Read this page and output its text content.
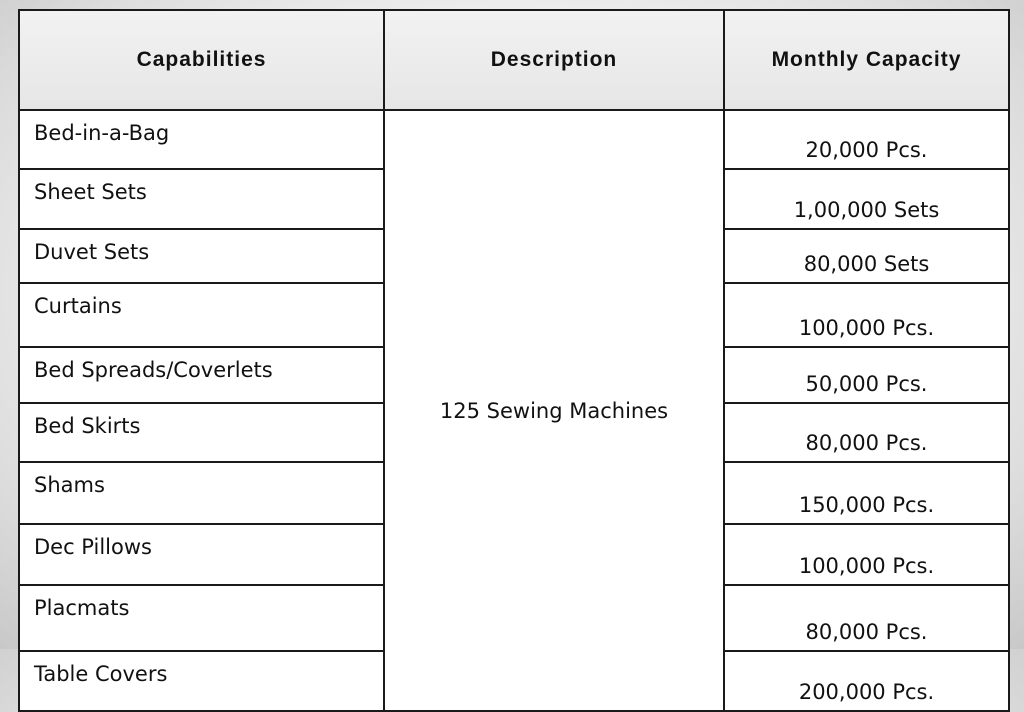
Capabilities	Description	Monthly Capacity
Bed-in-a-Bag	125 Sewing Machines	20,000 Pcs.
Sheet Sets		1,00,000 Sets
Duvet Sets		80,000 Sets
Curtains		100,000 Pcs.
Bed Spreads/Coverlets		50,000 Pcs.
Bed Skirts		80,000 Pcs.
Shams		150,000 Pcs.
Dec Pillows		100,000 Pcs.
Placmats		80,000 Pcs.
Table Covers		200,000 Pcs.
